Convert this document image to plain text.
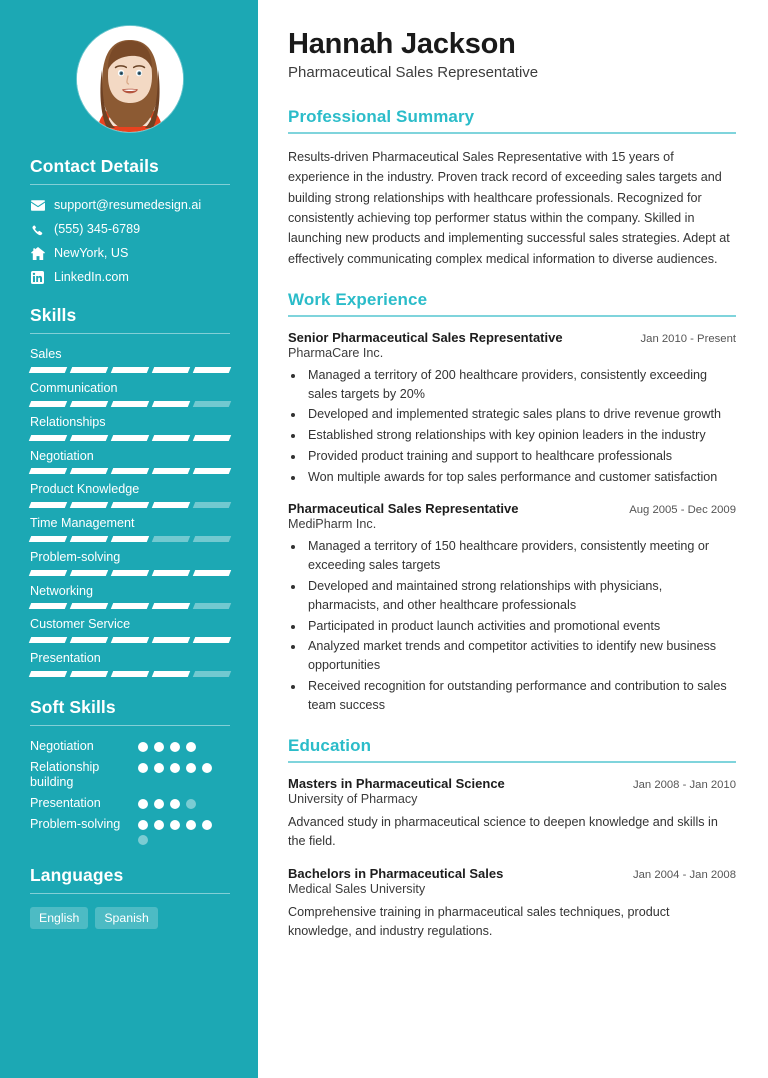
Contact Details
support@resumedesign.ai
(555) 345-6789
NewYork, US
LinkedIn.com
Skills
Sales
Communication
Relationships
Negotiation
Product Knowledge
Time Management
Problem-solving
Networking
Customer Service
Presentation
Soft Skills
Negotiation
Relationship building
Presentation
Problem-solving
Languages
English	Spanish
Hannah Jackson
Pharmaceutical Sales Representative
Professional Summary

Results-driven Pharmaceutical Sales Representative with 15 years of experience in the industry. Proven track record of exceeding sales targets and building strong relationships with healthcare professionals. Recognized for consistently achieving top performer status within the company. Skilled in launching new products and implementing successful sales strategies. Adept at effectively communicating complex medical information to diverse audiences.

Work Experience
Senior Pharmaceutical Sales Representative	Jan 2010 - Present
PharmaCare Inc.
• Managed a territory of 200 healthcare providers, consistently exceeding sales targets by 20%
• Developed and implemented strategic sales plans to drive revenue growth
• Established strong relationships with key opinion leaders in the industry
• Provided product training and support to healthcare professionals
• Won multiple awards for top sales performance and customer satisfaction
Pharmaceutical Sales Representative	Aug 2005 - Dec 2009
MediPharm Inc.
• Managed a territory of 150 healthcare providers, consistently meeting or exceeding sales targets
• Developed and maintained strong relationships with physicians, pharmacists, and other healthcare professionals
• Participated in product launch activities and promotional events
• Analyzed market trends and competitor activities to identify new business opportunities
• Received recognition for outstanding performance and contribution to sales team success
Education
Masters in Pharmaceutical Science	Jan 2008 - Jan 2010
University of Pharmacy
Advanced study in pharmaceutical science to deepen knowledge and skills in the field.
Bachelors in Pharmaceutical Sales	Jan 2004 - Jan 2008
Medical Sales University
Comprehensive training in pharmaceutical sales techniques, product knowledge, and industry regulations.
